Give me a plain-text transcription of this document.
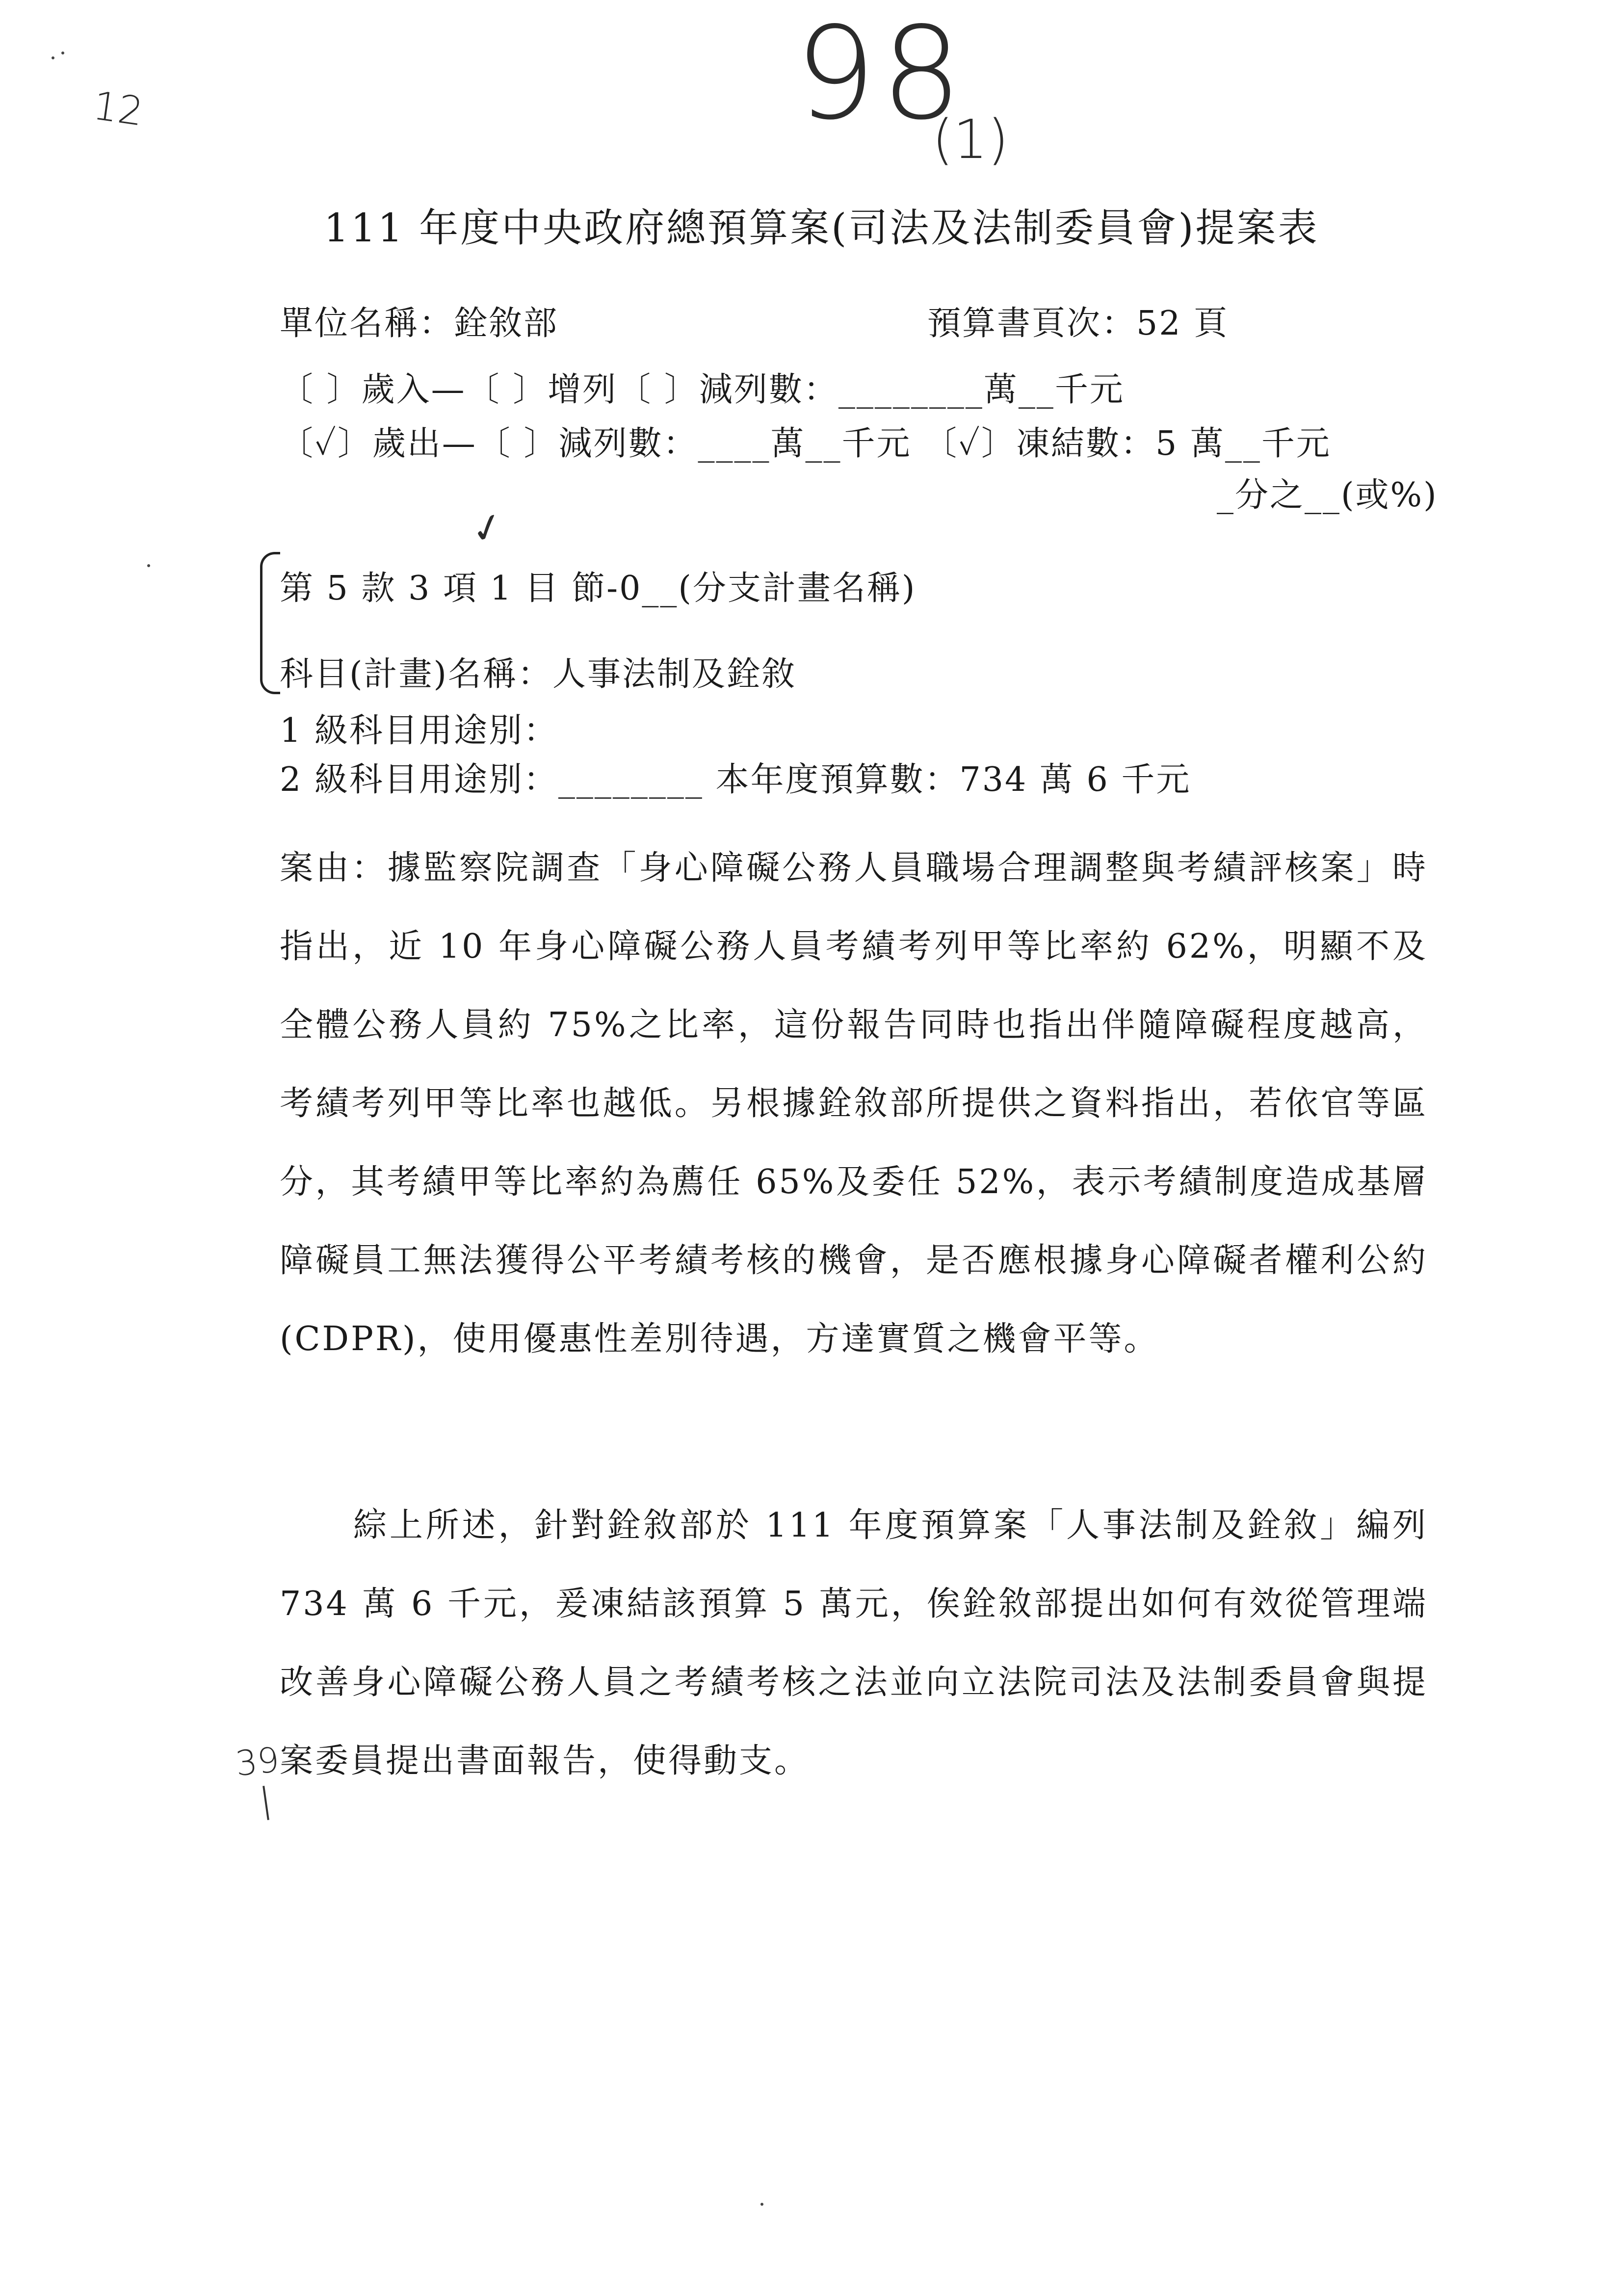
98
(1)
12
111 年度中央政府總預算案(司法及法制委員會)提案表
單位名稱：銓敘部	預算書頁次：52 頁
〔 〕歲入—〔 〕增列〔 〕減列數：________萬__千元
〔✓〕歲出—〔 〕減列數：____萬__千元 〔✓〕凍結數：5 萬__千元
_分之__(或%)
✓
第 5 款 3 項 1 目 節-0__(分支計畫名稱)
科目(計畫)名稱：人事法制及銓敘
1 級科目用途別：
2 級科目用途別：________ 本年度預算數：734 萬 6 千元
案由：據監察院調查「身心障礙公務人員職場合理調整與考績評核案」時指出，近 10 年身心障礙公務人員考績考列甲等比率約 62%，明顯不及全體公務人員約 75%之比率，這份報告同時也指出伴隨障礙程度越高，考績考列甲等比率也越低。另根據銓敘部所提供之資料指出，若依官等區分，其考績甲等比率約為薦任 65%及委任 52%，表示考績制度造成基層障礙員工無法獲得公平考績考核的機會，是否應根據身心障礙者權利公約(CDPR)，使用優惠性差別待遇，方達實質之機會平等。
綜上所述，針對銓敘部於 111 年度預算案「人事法制及銓敘」編列 734 萬 6 千元，爰凍結該預算 5 萬元，俟銓敘部提出如何有效從管理端改善身心障礙公務人員之考績考核之法並向立法院司法及法制委員會與提案委員提出書面報告，使得動支。
39
